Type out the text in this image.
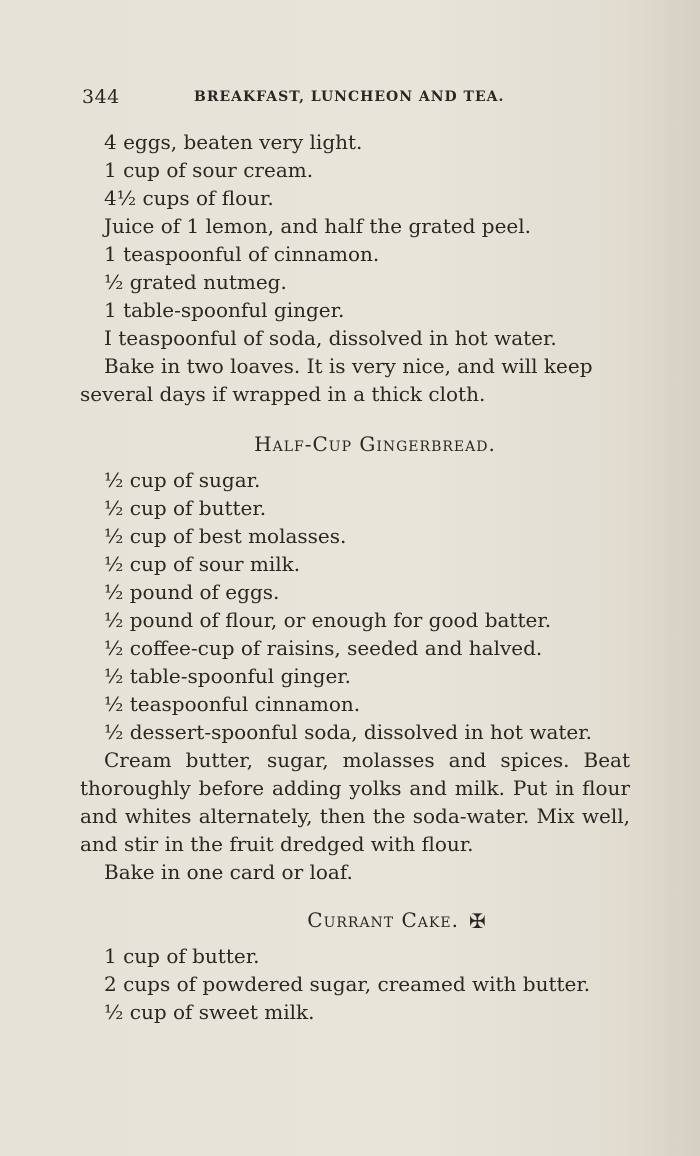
344	BREAKFAST, LUNCHEON AND TEA.
4 eggs, beaten very light.
1 cup of sour cream.
4½ cups of flour.
Juice of 1 lemon, and half the grated peel.
1 teaspoonful of cinnamon.
½ grated nutmeg.
1 table-spoonful ginger.
I teaspoonful of soda, dissolved in hot water.
Bake in two loaves. It is very nice, and will keep
several days if wrapped in a thick cloth.
Half-Cup Gingerbread.
½ cup of sugar.
½ cup of butter.
½ cup of best molasses.
½ cup of sour milk.
½ pound of eggs.
½ pound of flour, or enough for good batter.
½ coffee-cup of raisins, seeded and halved.
½ table-spoonful ginger.
½ teaspoonful cinnamon.
½ dessert-spoonful soda, dissolved in hot water.
Cream butter, sugar, molasses and spices. Beat
thoroughly before adding yolks and milk. Put in flour
and whites alternately, then the soda-water. Mix well,
and stir in the fruit dredged with flour.
Bake in one card or loaf.
Currant Cake. ✠
1 cup of butter.
2 cups of powdered sugar, creamed with butter.
½ cup of sweet milk.
